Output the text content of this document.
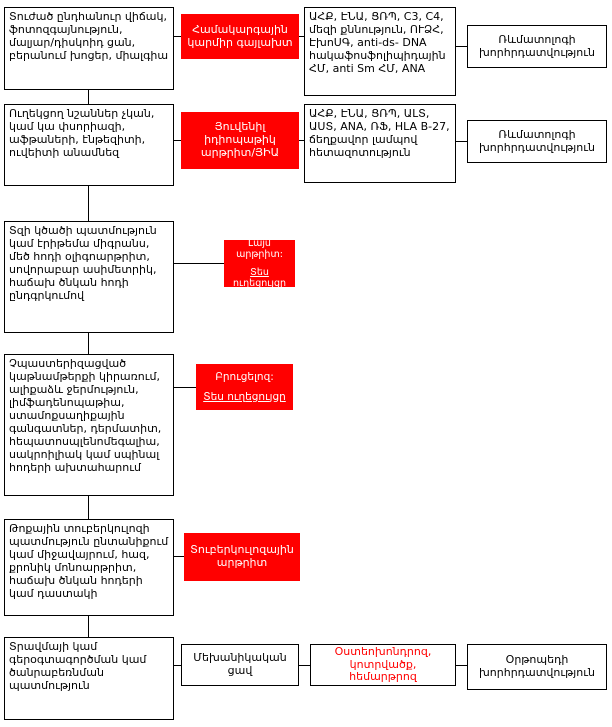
Տուժած ընդհանուր վիճակ, ֆոտոզգայնություն, մալյար/դիսկոիդ ցան, բերանում խոցեր, միալգիա
Համակարգային կարմիր գայլախտ
ԱՀՔ, ԷՆԱ, ՑՌՊ, C3, C4, մեզի քննություն, ՈՒՁՀ, ԷխոՍԳ, anti-ds- DNA հակաֆոսֆոլիպիդային ՀՄ, anti Sm ՀՄ, ANA
Ռևմատոլոգի խորհրդատվություն
Ուղեկցող նշաններ չկան, կամ կա փսորիազի, աֆթաների, էնթեզիտի, ուվեիտի անամնեզ
Յուվենիլ իդիոպաթիկ արթրիտ/ՅԻԱ
ԱՀՔ, ԷՆԱ, ՑՌՊ, ԱԼՏ, ԱՍՏ, ANA, ՌՖ, HLA B-27, ճեղքավոր լամպով հետազոտություն
Ռևմատոլոգի խորհրդատվություն
Տզի կծածի պատմություն կամ էրիթեմա միգրանս, մեծ հոդի օլիգոարթրիտ, սովորաբար ասիմետրիկ, հաճախ ծնկան հոդի ընդգրկումով
Լայմ արթրիտ:
Տես ուղեցույցը
Չպաստերիզացված կաթնամթերքի կիրառում, ալիքաձև ջերմություն, լիմֆադենոպաթիա, ստամոքսաղիքային գանգատներ, դերմատիտ, հեպատոսպլենոմեգալիա, սակրոիլիակ կամ սպինալ հոդերի ախտահարում
Բրուցելոզ:
Տես ուղեցույցը
Թոքային տուբերկուլոզի պատմություն ընտանիքում կամ միջավայրում, հազ, քրոնիկ մոնոարթրիտ, հաճախ ծնկան հոդերի կամ դաստակի
Տուբերկուլոզային արթրիտ
Տրավմայի կամ գերօգտագործման կամ ծանրաբեռնման պատմություն
Մեխանիկական ցավ
Օստեոխոնդրոզ, կոտրվածք, հեմարթրոզ
Օրթոպեդի խորհրդատվություն
